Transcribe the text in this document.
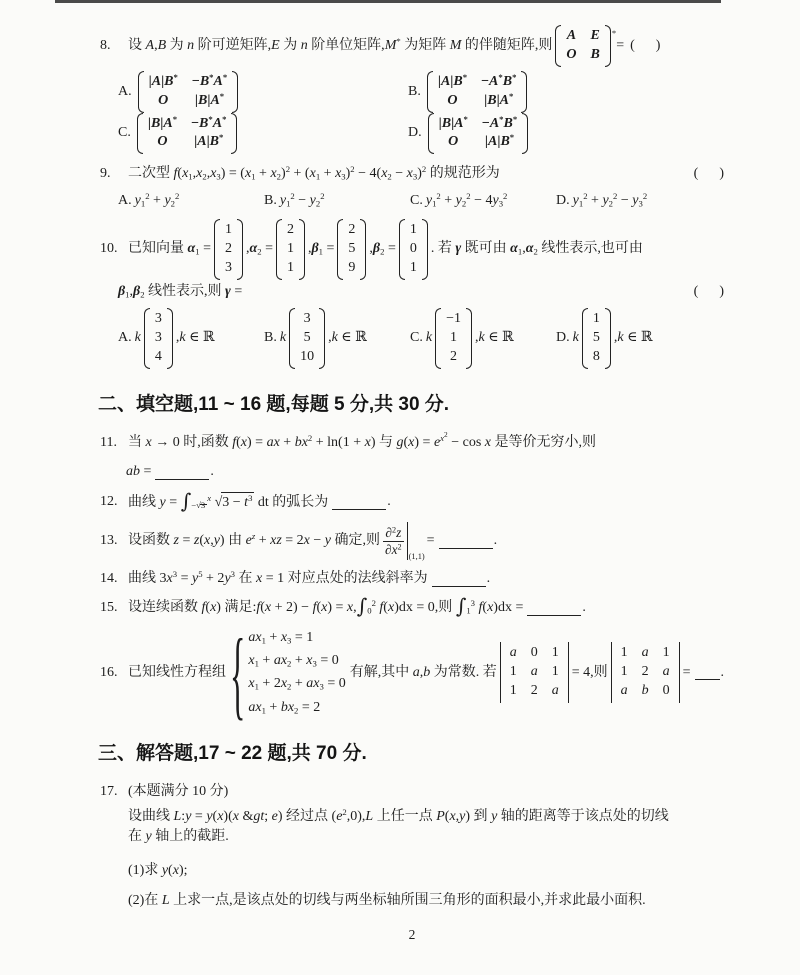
8.	设 A,B 为 n 阶可逆矩阵,E 为 n 阶单位矩阵,M* 为矩阵 M 的伴随矩阵,则
A E
O B
*
= (      )
A.
|A|B* −B*A*
O |B|A*	B.
|A|B* −A*B*
O |B|A*
C.
|B|A* −B*A*
O |A|B*	D.
|B|A* −A*B*
O |A|B*
9. 二次型 $f(x_1,x_2,x_3) = (x_1 + x_2)^2 + (x_1 + x_3)^2 - 4(x_2 - x_3)^2$ 的规范形为	(      )
A. $y_1^2 + y_2^2$	B. $y_1^2 - y_2^2$	C. $y_1^2 + y_2^2 - 4y_3^2$	D. $y_1^2 + y_2^2 - y_3^2$
10. 已知向量 $\alpha_1$ =
1
2
3
$,\alpha_2$ =
2
1
1
$,\beta_1$ =
2
5
9
$,\beta_2$ =
1
0
1
. 若 γ 既可由 $\alpha_1,\alpha_2$ 线性表示,也可由
$\beta_1,\beta_2$ 线性表示,则 γ =	(      )
A. k
3
3
4
,k ∈ ℝ	B. k
3
5
10
,k ∈ ℝ	C. k
−1
1
2
,k ∈ ℝ	D. k
1
5
8
,k ∈ ℝ
二、填空题,11 ~ 16 题,每题 5 分,共 30 分.
11. 当 x → 0 时,函数 f(x) = ax + $bx^2 + \ln(1 + x)$ 与 $g(x) = e^{x^2} - \cos x$ 是等价无穷小,则
ab =	.
12. 曲线 $y = \int_{- √ 3}$
$^x$ √ $3 - t^3$ dt 的弧长为	.
13. 设函数 z = z(x,y) 由 $e^z$ + xz = 2x − y 确定,则 $\frac{\partial^2z}{\partial x^2} (1,1)$
=	.
14. 曲线 $3x^3 = y^5 + 2y^3$ 在 x = 1 对应点处的法线斜率为	.
15. 设连续函数 f(x) 满足:f(x + $2) - f(x) = x,\int_0^2$ f(x)dx = 0,则 $\int_1^3$ f(x)dx =	.
16. 已知线性方程组 { $ax_1 + x_3 = 1$
$x_1 + ax_2 + x_3 = 0$
$x_1 + 2x_2 + ax_3 = 0$
$ax_1 + bx_2 = 2$
有解,其中 a,b 为常数. 若
a 0 1
1 a 1
1 2 a
= 4,则
1 a 1
1 2 a
a b 0
= .
三、解答题,17 ~ 22 题,共 70 分.
17. (本题满分 10 分)
设曲线 L:y = y(x)(x &gt; e) 经过点 $(e^2,0),L$ 上任一点 P(x,y) 到 y 轴的距离等于该点处的切线
在 y 轴上的截距.
(1)求 y(x);
(2)在 L 上求一点,是该点处的切线与两坐标轴所围三角形的面积最小,并求此最小面积.
2
